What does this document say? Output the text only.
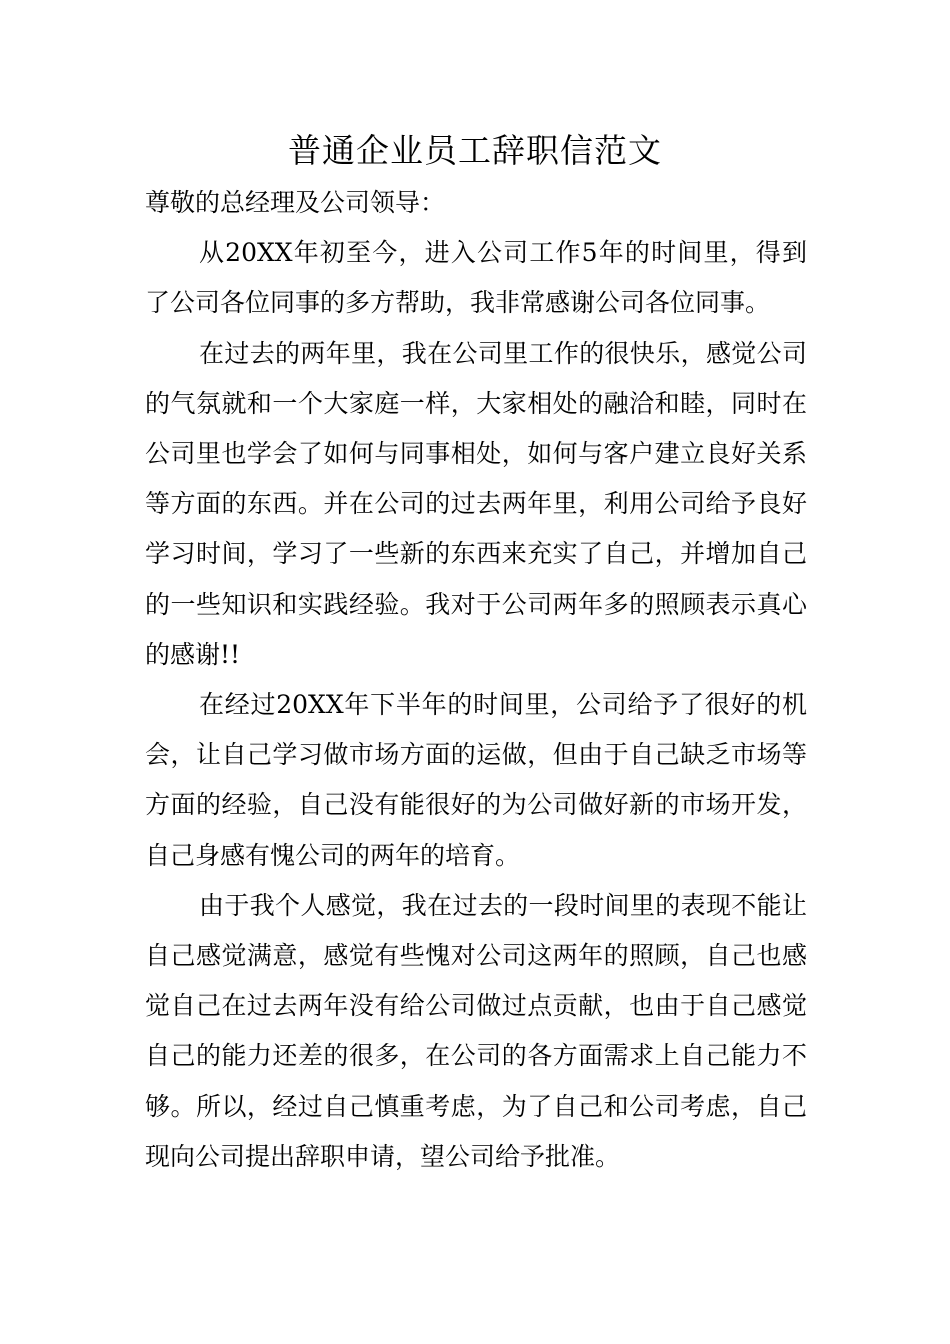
普通企业员工辞职信范文

尊敬的总经理及公司领导：

从20XX年初至今，进入公司工作5年的时间里，得到了公司各位同事的多方帮助，我非常感谢公司各位同事。

在过去的两年里，我在公司里工作的很快乐，感觉公司的气氛就和一个大家庭一样，大家相处的融洽和睦，同时在公司里也学会了如何与同事相处，如何与客户建立良好关系等方面的东西。并在公司的过去两年里，利用公司给予良好学习时间，学习了一些新的东西来充实了自己，并增加自己的一些知识和实践经验。我对于公司两年多的照顾表示真心的感谢!!

在经过20XX年下半年的时间里，公司给予了很好的机会，让自己学习做市场方面的运做，但由于自己缺乏市场等方面的经验，自己没有能很好的为公司做好新的市场开发，自己身感有愧公司的两年的培育。

由于我个人感觉，我在过去的一段时间里的表现不能让自己感觉满意，感觉有些愧对公司这两年的照顾，自己也感觉自己在过去两年没有给公司做过点贡献，也由于自己感觉自己的能力还差的很多，在公司的各方面需求上自己能力不够。所以，经过自己慎重考虑，为了自己和公司考虑，自己现向公司提出辞职申请，望公司给予批准。
